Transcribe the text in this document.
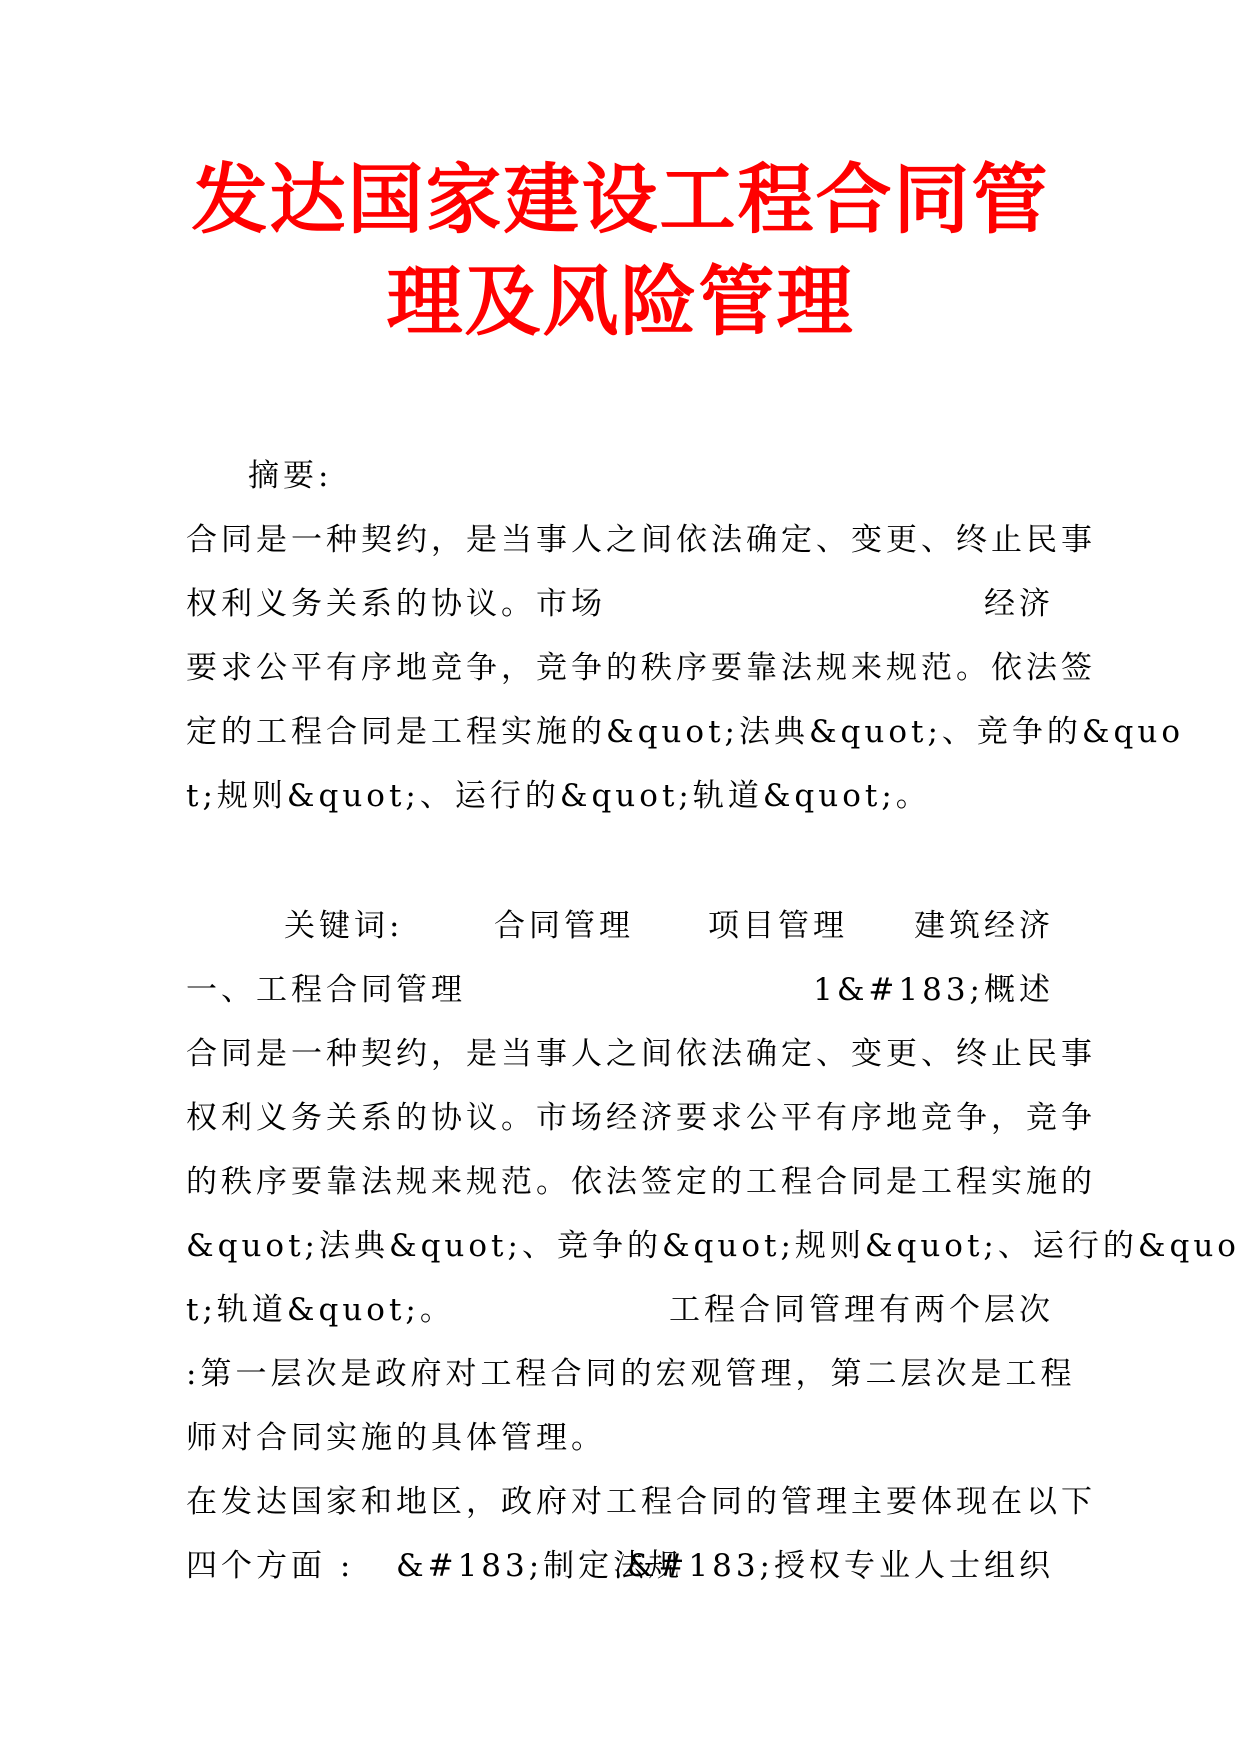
发达国家建设工程合同管
理及风险管理
摘要:
合同是一种契约，是当事人之间依法确定、变更、终止民事
权利义务关系的协议。市场	经济
要求公平有序地竞争，竞争的秩序要靠法规来规范。依法签
定的工程合同是工程实施的&quot;法典&quot;、竞争的&quo
t;规则&quot;、运行的&quot;轨道&quot;。
关键词:	合同管理 项目管理 建筑经济
一、工程合同管理	1&#183;概述
合同是一种契约，是当事人之间依法确定、变更、终止民事
权利义务关系的协议。市场经济要求公平有序地竞争，竞争
的秩序要靠法规来规范。依法签定的工程合同是工程实施的
&quot;法典&quot;、竞争的&quot;规则&quot;、运行的&quo
t;轨道&quot;。	工程合同管理有两个层次
:第一层次是政府对工程合同的宏观管理，第二层次是工程
师对合同实施的具体管理。
在发达国家和地区，政府对工程合同的管理主要体现在以下
四个方面 : &#183;制定法规
&#183;授权专业人士组织
